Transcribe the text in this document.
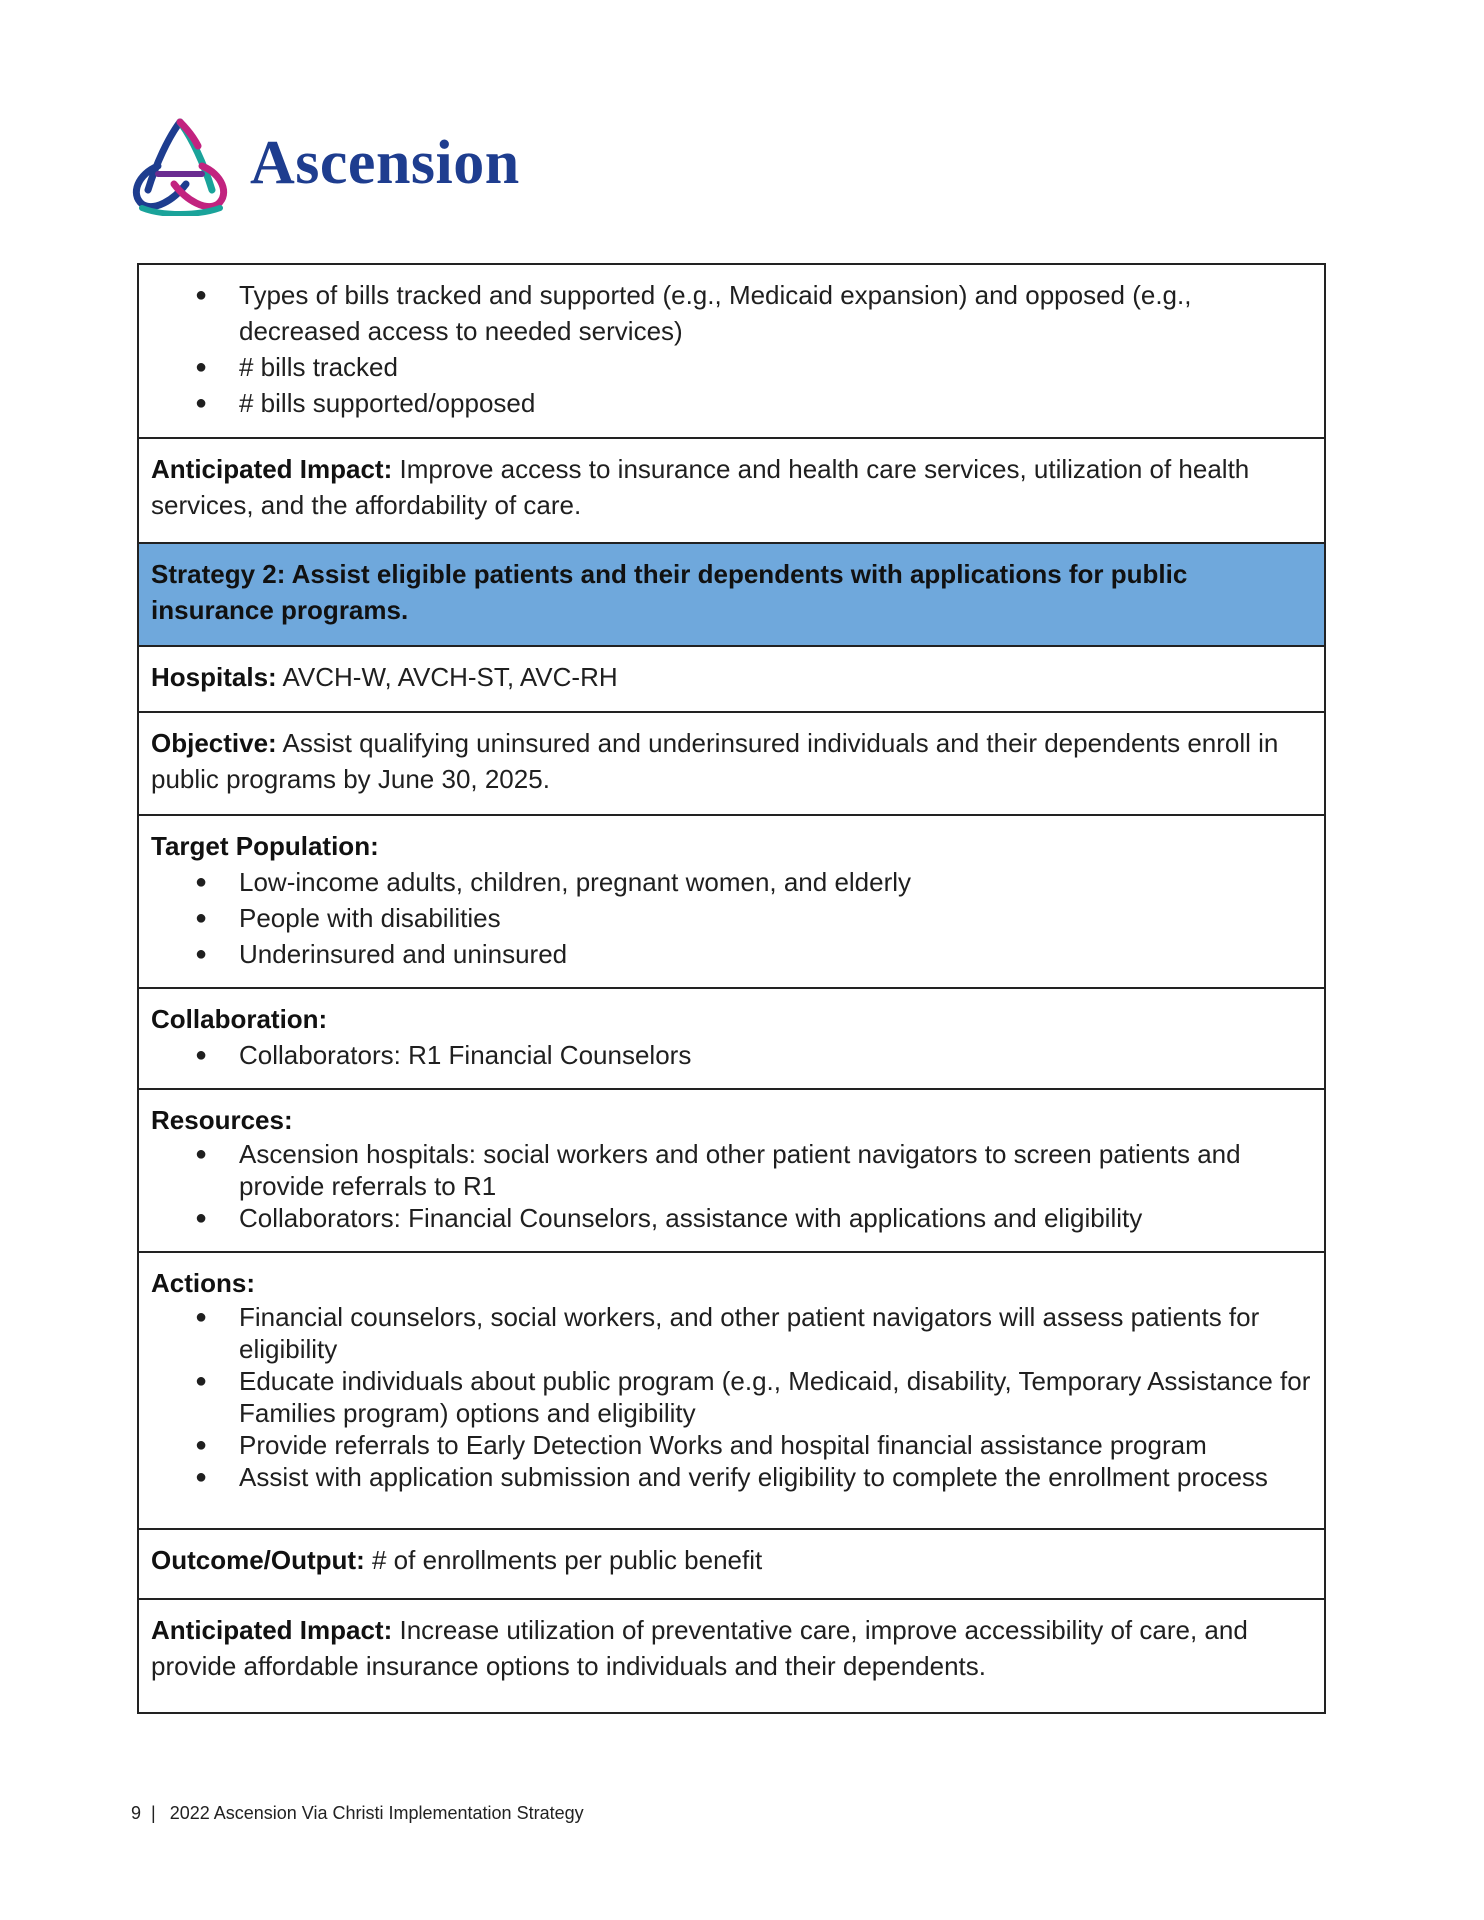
Ascension
● Types of bills tracked and supported (e.g., Medicaid expansion) and opposed (e.g., decreased access to needed services)
● # bills tracked
● # bills supported/opposed
Anticipated Impact: Improve access to insurance and health care services, utilization of health services, and the affordability of care.
Strategy 2: Assist eligible patients and their dependents with applications for public insurance programs.
Hospitals: AVCH-W, AVCH-ST, AVC-RH
Objective: Assist qualifying uninsured and underinsured individuals and their dependents enroll in public programs by June 30, 2025.
Target Population:
● Low-income adults, children, pregnant women, and elderly
● People with disabilities
● Underinsured and uninsured
Collaboration:
● Collaborators: R1 Financial Counselors
Resources:
● Ascension hospitals: social workers and other patient navigators to screen patients and provide referrals to R1
● Collaborators: Financial Counselors, assistance with applications and eligibility
Actions:
● Financial counselors, social workers, and other patient navigators will assess patients for eligibility
● Educate individuals about public program (e.g., Medicaid, disability, Temporary Assistance for Families program) options and eligibility
● Provide referrals to Early Detection Works and hospital financial assistance program
● Assist with application submission and verify eligibility to complete the enrollment process
Outcome/Output: # of enrollments per public benefit
Anticipated Impact: Increase utilization of preventative care, improve accessibility of care, and provide affordable insurance options to individuals and their dependents.
9 | 2022 Ascension Via Christi Implementation Strategy
